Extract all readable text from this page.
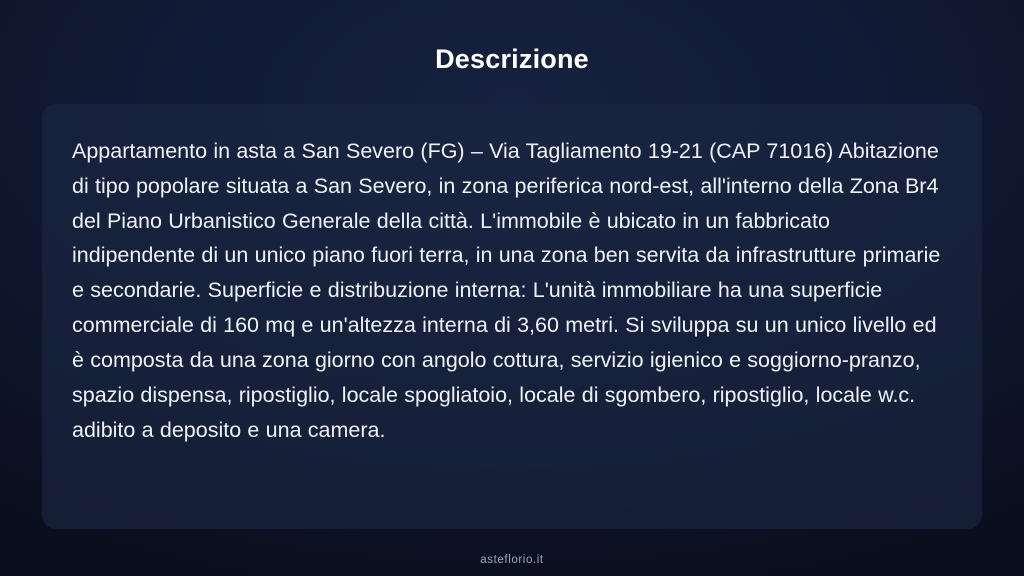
Descrizione

Appartamento in asta a San Severo (FG) – Via Tagliamento 19-21 (CAP 71016) Abitazione di tipo popolare situata a San Severo, in zona periferica nord-est, all'interno della Zona Br4 del Piano Urbanistico Generale della città. L'immobile è ubicato in un fabbricato indipendente di un unico piano fuori terra, in una zona ben servita da infrastrutture primarie e secondarie. Superficie e distribuzione interna: L'unità immobiliare ha una superficie commerciale di 160 mq e un'altezza interna di 3,60 metri. Si sviluppa su un unico livello ed è composta da una zona giorno con angolo cottura, servizio igienico e soggiorno-pranzo, spazio dispensa, ripostiglio, locale spogliatoio, locale di sgombero, ripostiglio, locale w.c. adibito a deposito e una camera.

asteflorio.it
